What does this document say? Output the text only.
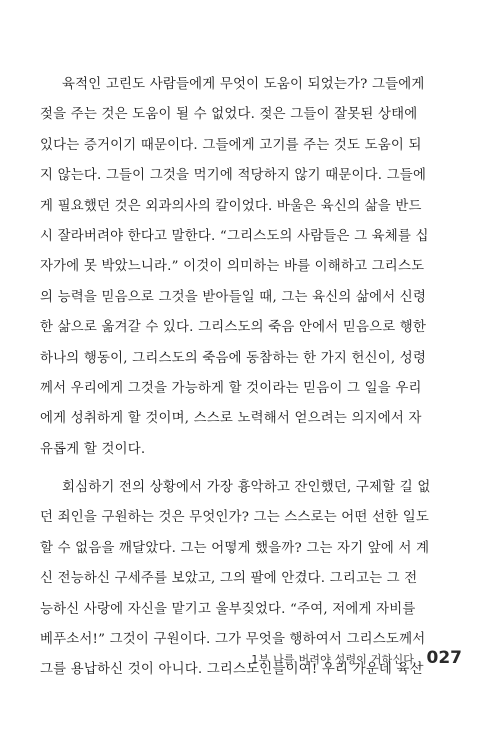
육적인 고린도 사람들에게 무엇이 도움이 되었는가? 그들에게
젖을 주는 것은 도움이 될 수 없었다. 젖은 그들이 잘못된 상태에
있다는 증거이기 때문이다. 그들에게 고기를 주는 것도 도움이 되
지 않는다. 그들이 그것을 먹기에 적당하지 않기 때문이다. 그들에
게 필요했던 것은 외과의사의 칼이었다. 바울은 육신의 삶을 반드
시 잘라버려야 한다고 말한다. “그리스도의 사람들은 그 육체를 십
자가에 못 박았느니라.” 이것이 의미하는 바를 이해하고 그리스도
의 능력을 믿음으로 그것을 받아들일 때, 그는 육신의 삶에서 신령
한 삶으로 옮겨갈 수 있다. 그리스도의 죽음 안에서 믿음으로 행한
하나의 행동이, 그리스도의 죽음에 동참하는 한 가지 헌신이, 성령
께서 우리에게 그것을 가능하게 할 것이라는 믿음이 그 일을 우리
에게 성취하게 할 것이며, 스스로 노력해서 얻으려는 의지에서 자
유롭게 할 것이다.
회심하기 전의 상황에서 가장 흉악하고 잔인했던, 구제할 길 없
던 죄인을 구원하는 것은 무엇인가? 그는 스스로는 어떤 선한 일도
할 수 없음을 깨달았다. 그는 어떻게 했을까? 그는 자기 앞에 서 계
신 전능하신 구세주를 보았고, 그의 팔에 안겼다. 그리고는 그 전
능하신 사랑에 자신을 맡기고 울부짖었다. “주여, 저에게 자비를
베푸소서!” 그것이 구원이다. 그가 무엇을 행하여서 그리스도께서
그를 용납하신 것이 아니다. 그리스도인들이여! 우리 가운데 육신
1부 나를 버려야 성령이 거하신다 _ 027
